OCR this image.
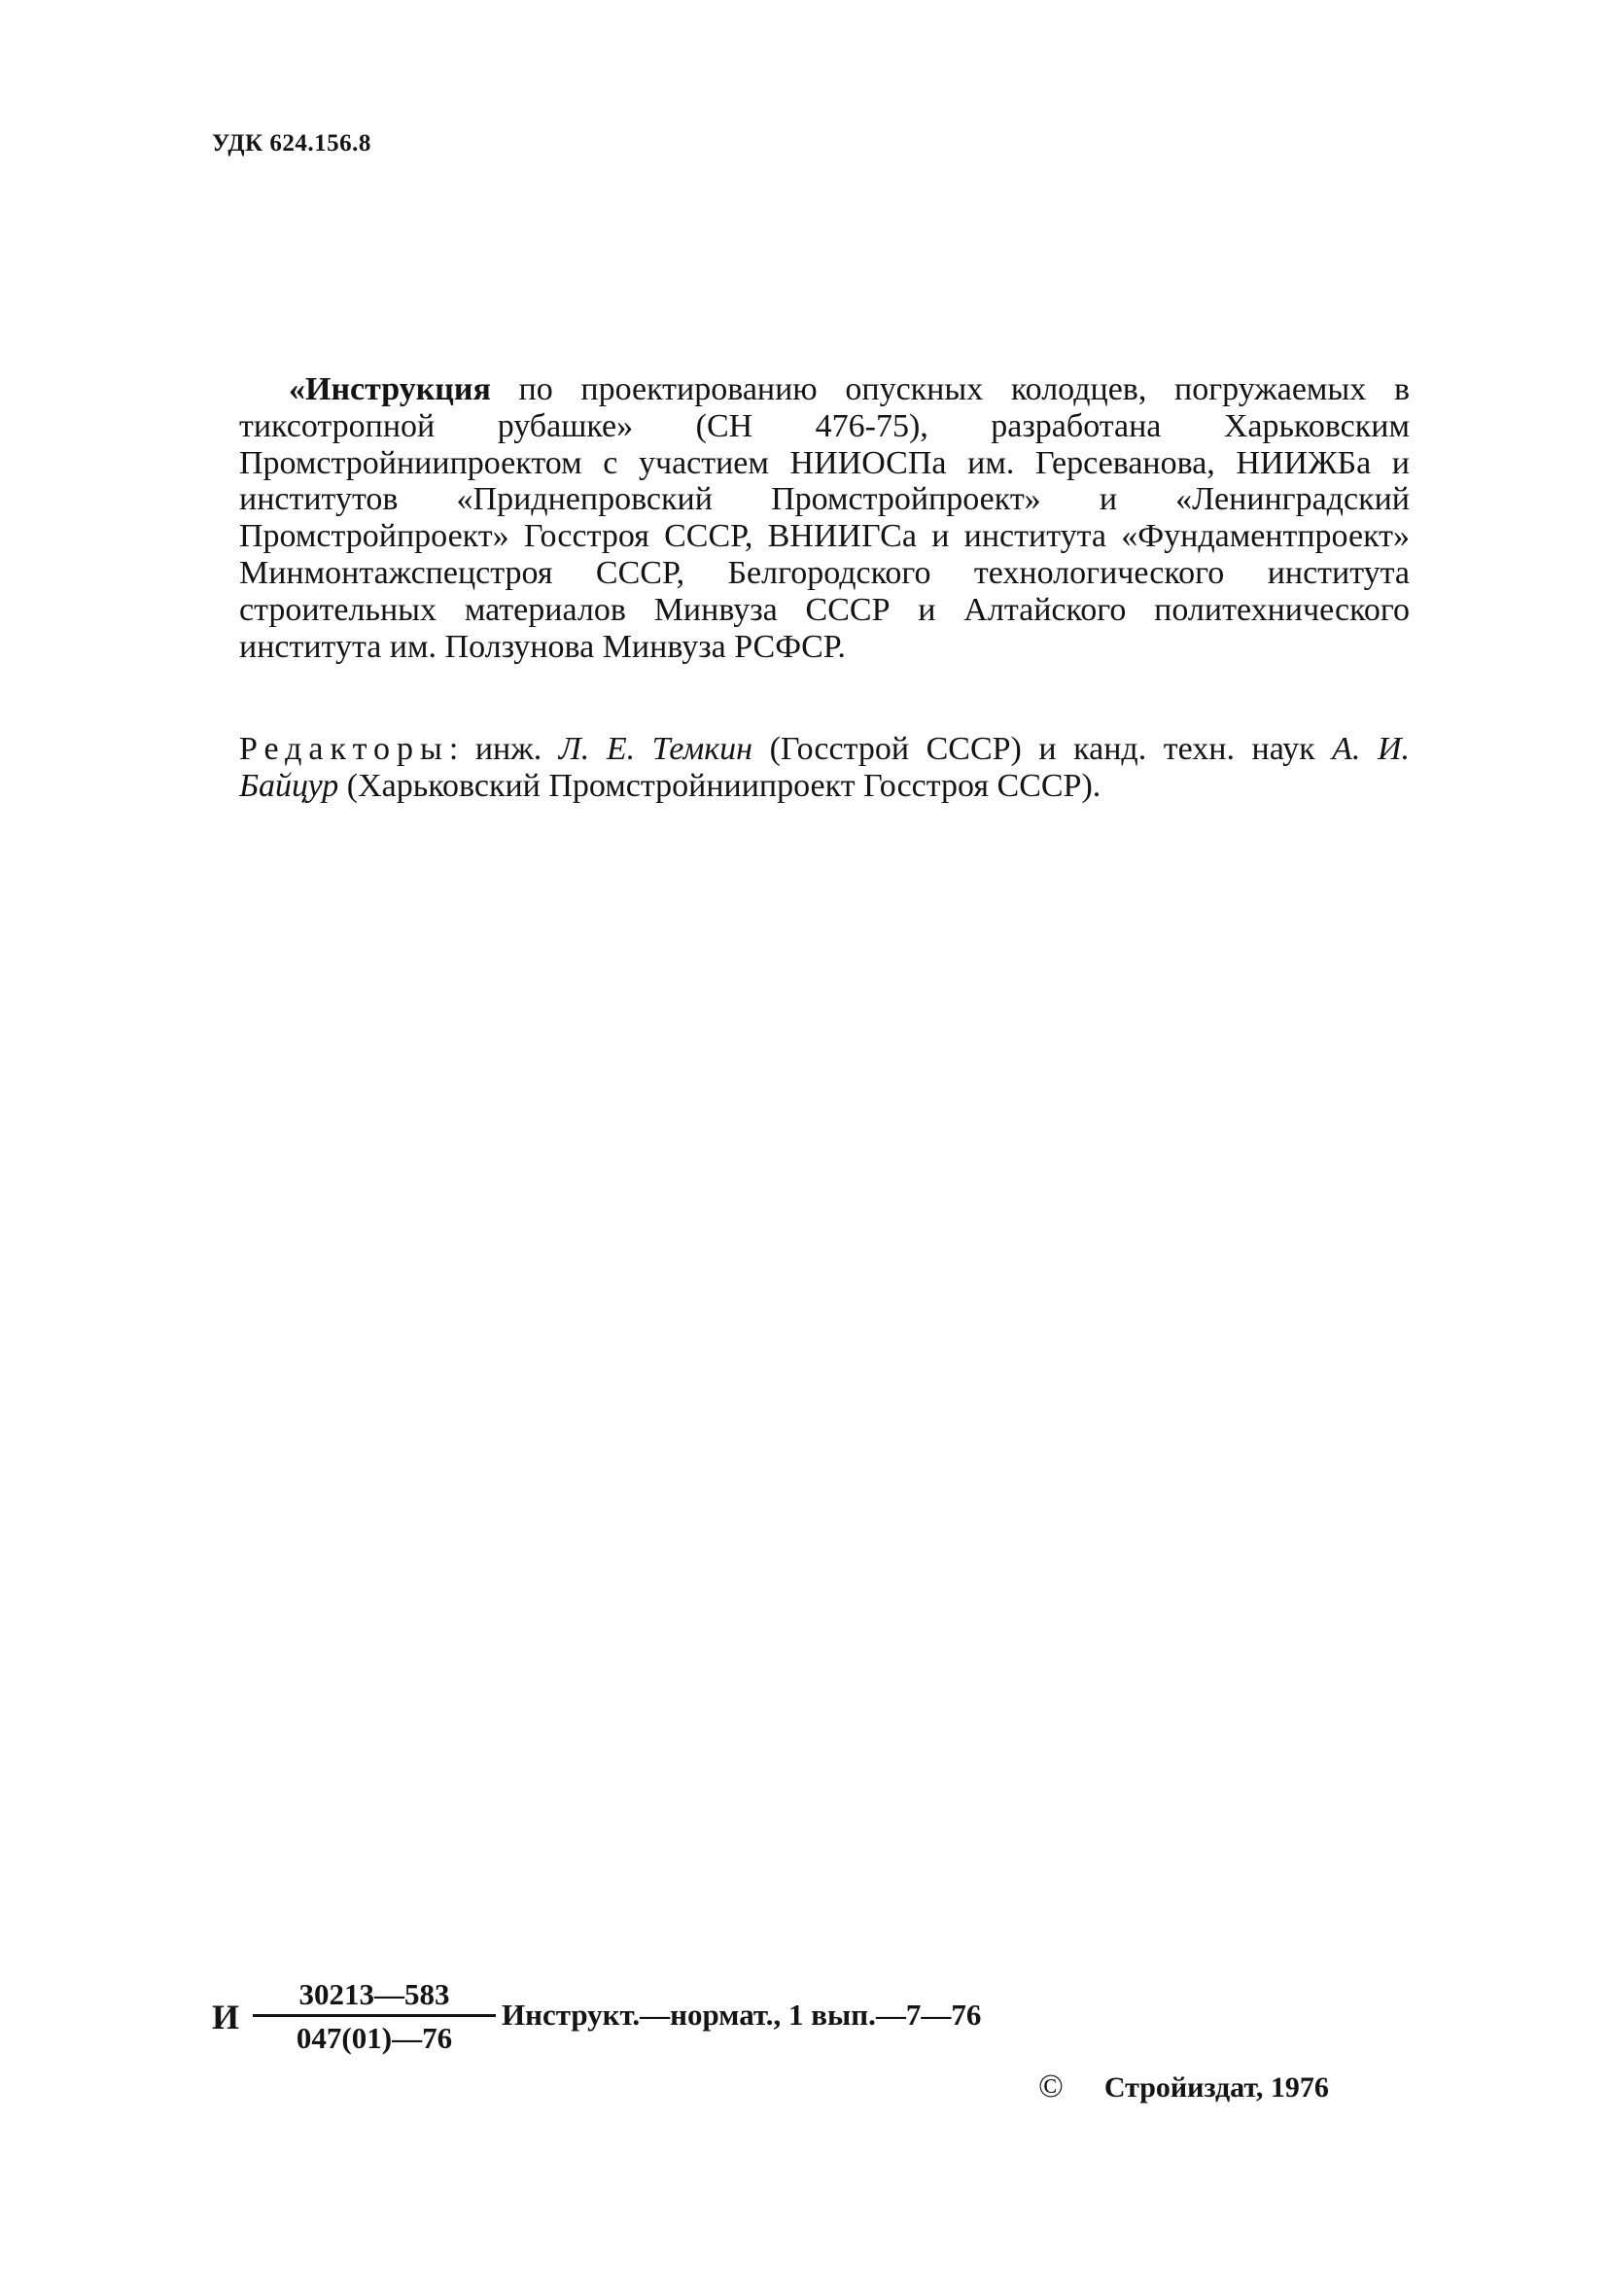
УДК 624.156.8

  «Инструкция по проектированию опускных колодцев, погружаемых в тиксотропной рубашке» (СН 476-75), разработана Харьковским Промстройниипроектом с участием НИИОСПа им. Герсеванова, НИИЖБа и институтов «Приднепровский Промстройпроект» и «Ленинградский Промстройпроект» Госстроя СССР, ВНИИГСа и института «Фундаментпроект» Минмонтажспецстроя СССР, Белгородского технологического института строительных материалов Минвуза СССР и Алтайского политехнического института им. Ползунова Минвуза РСФСР.

Редакторы: инж. Л. Е. Темкин (Госстрой СССР) и канд. техн. наук А. И. Байцур (Харьковский Промстройниипроект Госстроя СССР).

И
30213—583
047(01)—76
Инструкт.—нормат., 1 вып.—7—76
© Стройиздат, 1976
